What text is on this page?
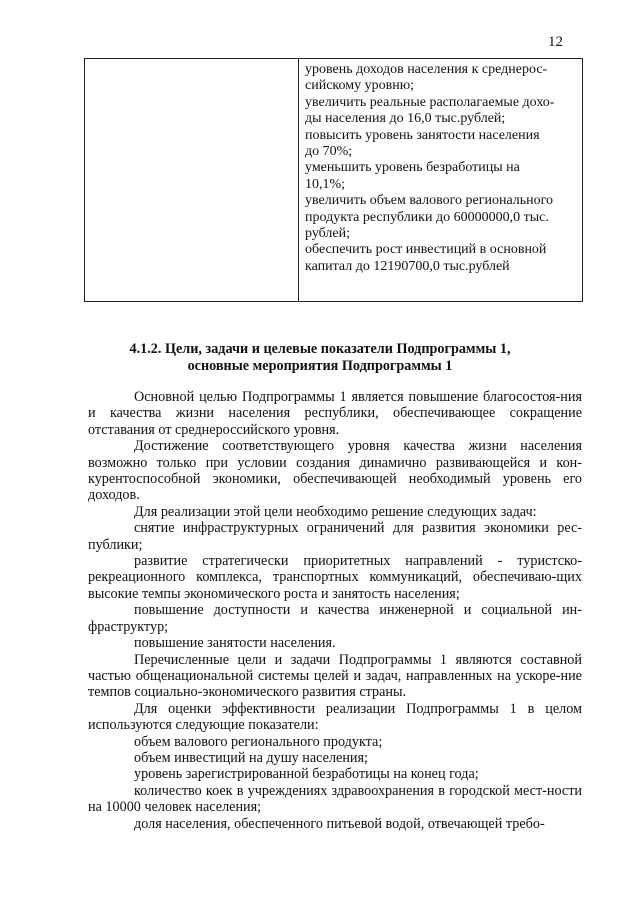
12

уровень доходов населения к среднерос-

сийскому уровню;

увеличить реальные располагаемые дохо-

ды населения до 16,0 тыс.рублей;

повысить уровень занятости населения

до 70%;

уменьшить уровень безработицы на

10,1%;

увеличить объем валового регионального

продукта республики до 60000000,0 тыс.

рублей;

обеспечить рост инвестиций в основной

капитал до 12190700,0 тыс.рублей

4.1.2. Цели, задачи и целевые показатели Подпрограммы 1,
основные мероприятия Подпрограммы 1

Основной целью Подпрограммы 1 является повышение благосостоя-ния и качества жизни населения республики, обеспечивающее сокращение отставания от среднероссийского уровня.

Достижение соответствующего уровня качества жизни населения возможно только при условии создания динамично развивающейся и кон-курентоспособной экономики, обеспечивающей необходимый уровень его доходов.

Для реализации этой цели необходимо решение следующих задач:

снятие инфраструктурных ограничений для развития экономики рес-публики;

развитие стратегически приоритетных направлений - туристско-рекреационного комплекса, транспортных коммуникаций, обеспечиваю-щих высокие темпы экономического роста и занятость населения;

повышение доступности и качества инженерной и социальной ин-фраструктур;

повышение занятости населения.

Перечисленные цели и задачи Подпрограммы 1 являются составной частью общенациональной системы целей и задач, направленных на ускоре-ние темпов социально-экономического развития страны.

Для оценки эффективности реализации Подпрограммы 1 в целом используются следующие показатели:

объем валового регионального продукта;

объем инвестиций на душу населения;

уровень зарегистрированной безработицы на конец года;

количество коек в учреждениях здравоохранения в городской мест-ности на 10000 человек населения;

доля населения, обеспеченного питьевой водой, отвечающей требо-
